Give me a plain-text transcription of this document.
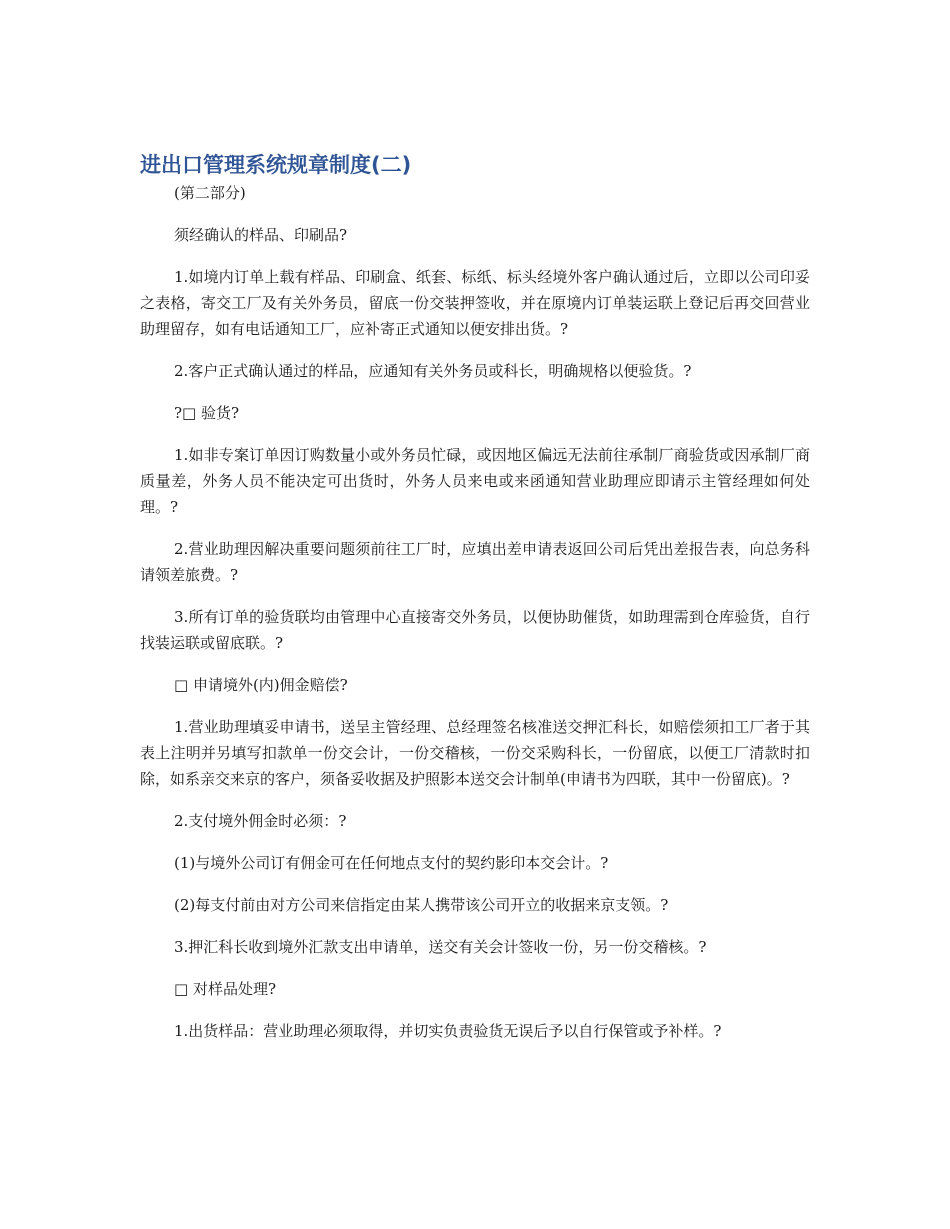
进出口管理系统规章制度(二)

(第二部分)

须经确认的样品、印刷品?

1.如境内订单上载有样品、印刷盒、纸套、标纸、标头经境外客户确认通过后，立即以公司印妥之表格，寄交工厂及有关外务员，留底一份交装押签收，并在原境内订单装运联上登记后再交回营业助理留存，如有电话通知工厂，应补寄正式通知以便安排出货。?

2.客户正式确认通过的样品，应通知有关外务员或科长，明确规格以便验货。?

?□ 验货?

1.如非专案订单因订购数量小或外务员忙碌，或因地区偏远无法前往承制厂商验货或因承制厂商质量差，外务人员不能决定可出货时，外务人员来电或来函通知营业助理应即请示主管经理如何处理。?

2.营业助理因解决重要问题须前往工厂时，应填出差申请表返回公司后凭出差报告表，向总务科请领差旅费。?

3.所有订单的验货联均由管理中心直接寄交外务员，以便协助催货，如助理需到仓库验货，自行找装运联或留底联。?

□ 申请境外(内)佣金赔偿?

1.营业助理填妥申请书，送呈主管经理、总经理签名核准送交押汇科长，如赔偿须扣工厂者于其表上注明并另填写扣款单一份交会计，一份交稽核，一份交采购科长，一份留底，以便工厂清款时扣除，如系亲交来京的客户，须备妥收据及护照影本送交会计制单(申请书为四联，其中一份留底)。?

2.支付境外佣金时必须：?

(1)与境外公司订有佣金可在任何地点支付的契约影印本交会计。?

(2)每支付前由对方公司来信指定由某人携带该公司开立的收据来京支领。?

3.押汇科长收到境外汇款支出申请单，送交有关会计签收一份，另一份交稽核。?

□ 对样品处理?

1.出货样品：营业助理必须取得，并切实负责验货无误后予以自行保管或予补样。?
